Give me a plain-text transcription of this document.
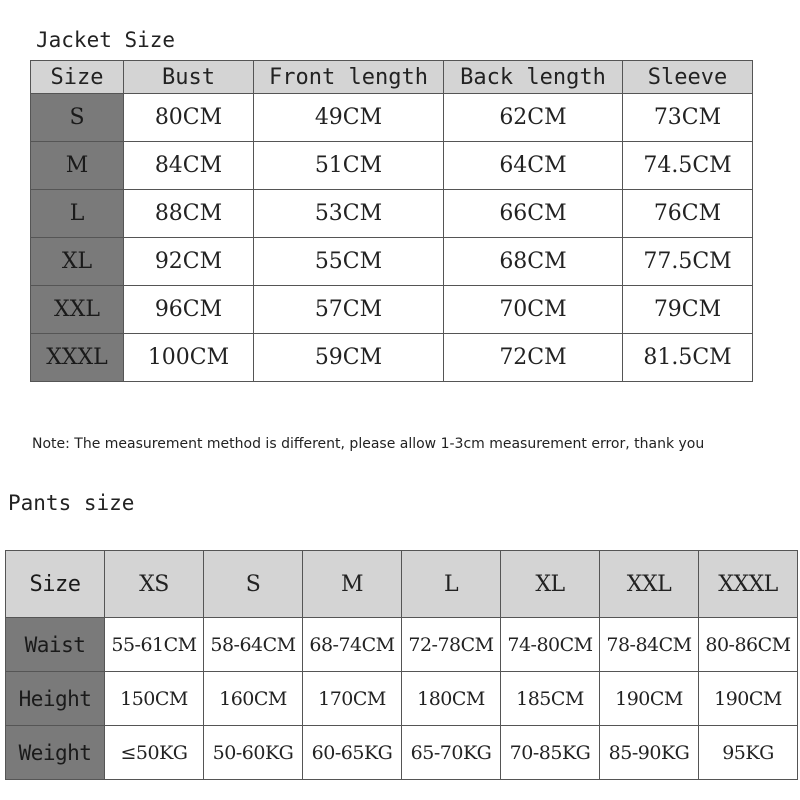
Jacket Size
Size	Bust	Front length	Back length	Sleeve
S	80CM	49CM	62CM	73CM
M	84CM	51CM	64CM	74.5CM
L	88CM	53CM	66CM	76CM
XL	92CM	55CM	68CM	77.5CM
XXL	96CM	57CM	70CM	79CM
XXXL	100CM	59CM	72CM	81.5CM
Note: The measurement method is different, please allow 1-3cm measurement error, thank you
Pants size
Size	XS	S	M	L	XL	XXL	XXXL
Waist	55-61CM	58-64CM	68-74CM	72-78CM	74-80CM	78-84CM	80-86CM
Height	150CM	160CM	170CM	180CM	185CM	190CM	190CM
Weight	≤50KG	50-60KG	60-65KG	65-70KG	70-85KG	85-90KG	95KG
